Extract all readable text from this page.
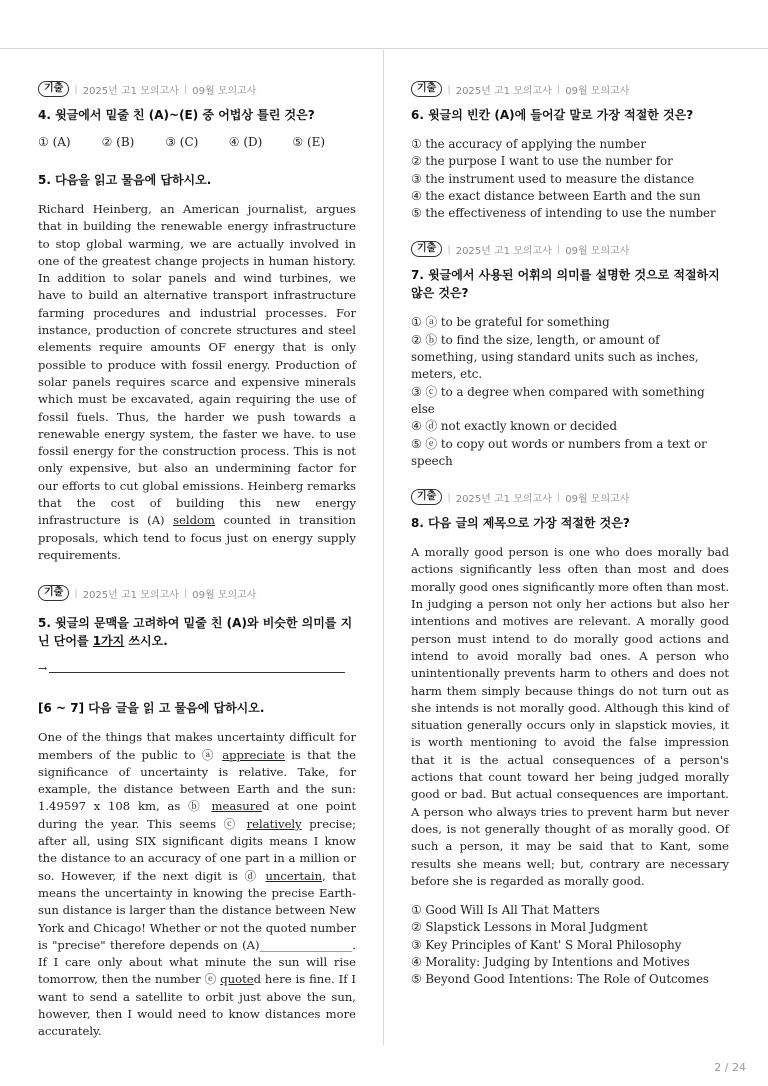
기출	| 2025년 고1 모의고사 | 09월 모의고사
4. 윗글에서 밑줄 친 (A)~(E) 중 어법상 틀린 것은?
① (A)	② (B)	③ (C)	④ (D)	⑤ (E)
5. 다음을 읽고 물음에 답하시오.
Richard Heinberg, an American journalist, argues that in building the renewable energy infrastructure to stop global warming, we are actually involved in one of the greatest change projects in human history. In addition to solar panels and wind turbines, we have to build an alternative transport infrastructure farming procedures and industrial processes. For instance, production of concrete structures and steel elements require amounts OF energy that is only possible to produce with fossil energy. Production of solar panels requires scarce and expensive minerals which must be excavated, again requiring the use of fossil fuels. Thus, the harder we push towards a renewable energy system, the faster we have. to use fossil energy for the construction process. This is not only expensive, but also an undermining factor for our efforts to cut global emissions. Heinberg remarks that the cost of building this new energy infrastructure is (A) seldom counted in transition proposals, which tend to focus just on energy supply requirements.
기출	| 2025년 고1 모의고사 | 09월 모의고사
5. 윗글의 문맥을 고려하여 밑줄 친 (A)와 비슷한 의미를 지닌 단어를 1가지 쓰시오.
→
[6 ~ 7] 다음 글을 읽 고 물음에 답하시오.
One of the things that makes uncertainty difficult for members of the public to ⓐ appreciate is that the significance of uncertainty is relative. Take, for example, the distance between Earth and the sun: 1.49597 x 108 km, as ⓑ measured at one point during the year. This seems ⓒ relatively precise; after all, using SIX significant digits means I know the distance to an accuracy of one part in a million or so. However, if the next digit is ⓓ uncertain, that means the uncertainty in knowing the precise Earth-sun distance is larger than the distance between New York and Chicago! Whether or not the quoted number is "precise" therefore depends on (A)________________. If I care only about what minute the sun will rise tomorrow, then the number ⓔ quoted here is fine. If I want to send a satellite to orbit just above the sun, however, then I would need to know distances more accurately.
기출	| 2025년 고1 모의고사 | 09월 모의고사
6. 윗글의 빈칸 (A)에 들어갈 말로 가장 적절한 것은?
① the accuracy of applying the number
② the purpose I want to use the number for
③ the instrument used to measure the distance
④ the exact distance between Earth and the sun
⑤ the effectiveness of intending to use the number
기출	| 2025년 고1 모의고사 | 09월 모의고사
7. 윗글에서 사용된 어휘의 의미를 설명한 것으로 적절하지 않은 것은?
① ⓐ to be grateful for something
② ⓑ to find the size, length, or amount of something, using standard units such as inches, meters, etc.
③ ⓒ to a degree when compared with something else
④ ⓓ not exactly known or decided
⑤ ⓔ to copy out words or numbers from a text or speech
기출	| 2025년 고1 모의고사 | 09월 모의고사
8. 다음 글의 제목으로 가장 적절한 것은?
A morally good person is one who does morally bad actions significantly less often than most and does morally good ones significantly more often than most. In judging a person not only her actions but also her intentions and motives are relevant. A morally good person must intend to do morally good actions and intend to avoid morally bad ones. A person who unintentionally prevents harm to others and does not harm them simply because things do not turn out as she intends is not morally good. Although this kind of situation generally occurs only in slapstick movies, it is worth mentioning to avoid the false impression that it is the actual consequences of a person's actions that count toward her being judged morally good or bad. But actual consequences are important. A person who always tries to prevent harm but never does, is not generally thought of as morally good. Of such a person, it may be said that to Kant, some results she means well; but, contrary are necessary before she is regarded as morally good.
① Good Will Is All That Matters
② Slapstick Lessons in Moral Judgment
③ Key Principles of Kant' S Moral Philosophy
④ Morality: Judging by Intentions and Motives
⑤ Beyond Good Intentions: The Role of Outcomes
2 / 24
